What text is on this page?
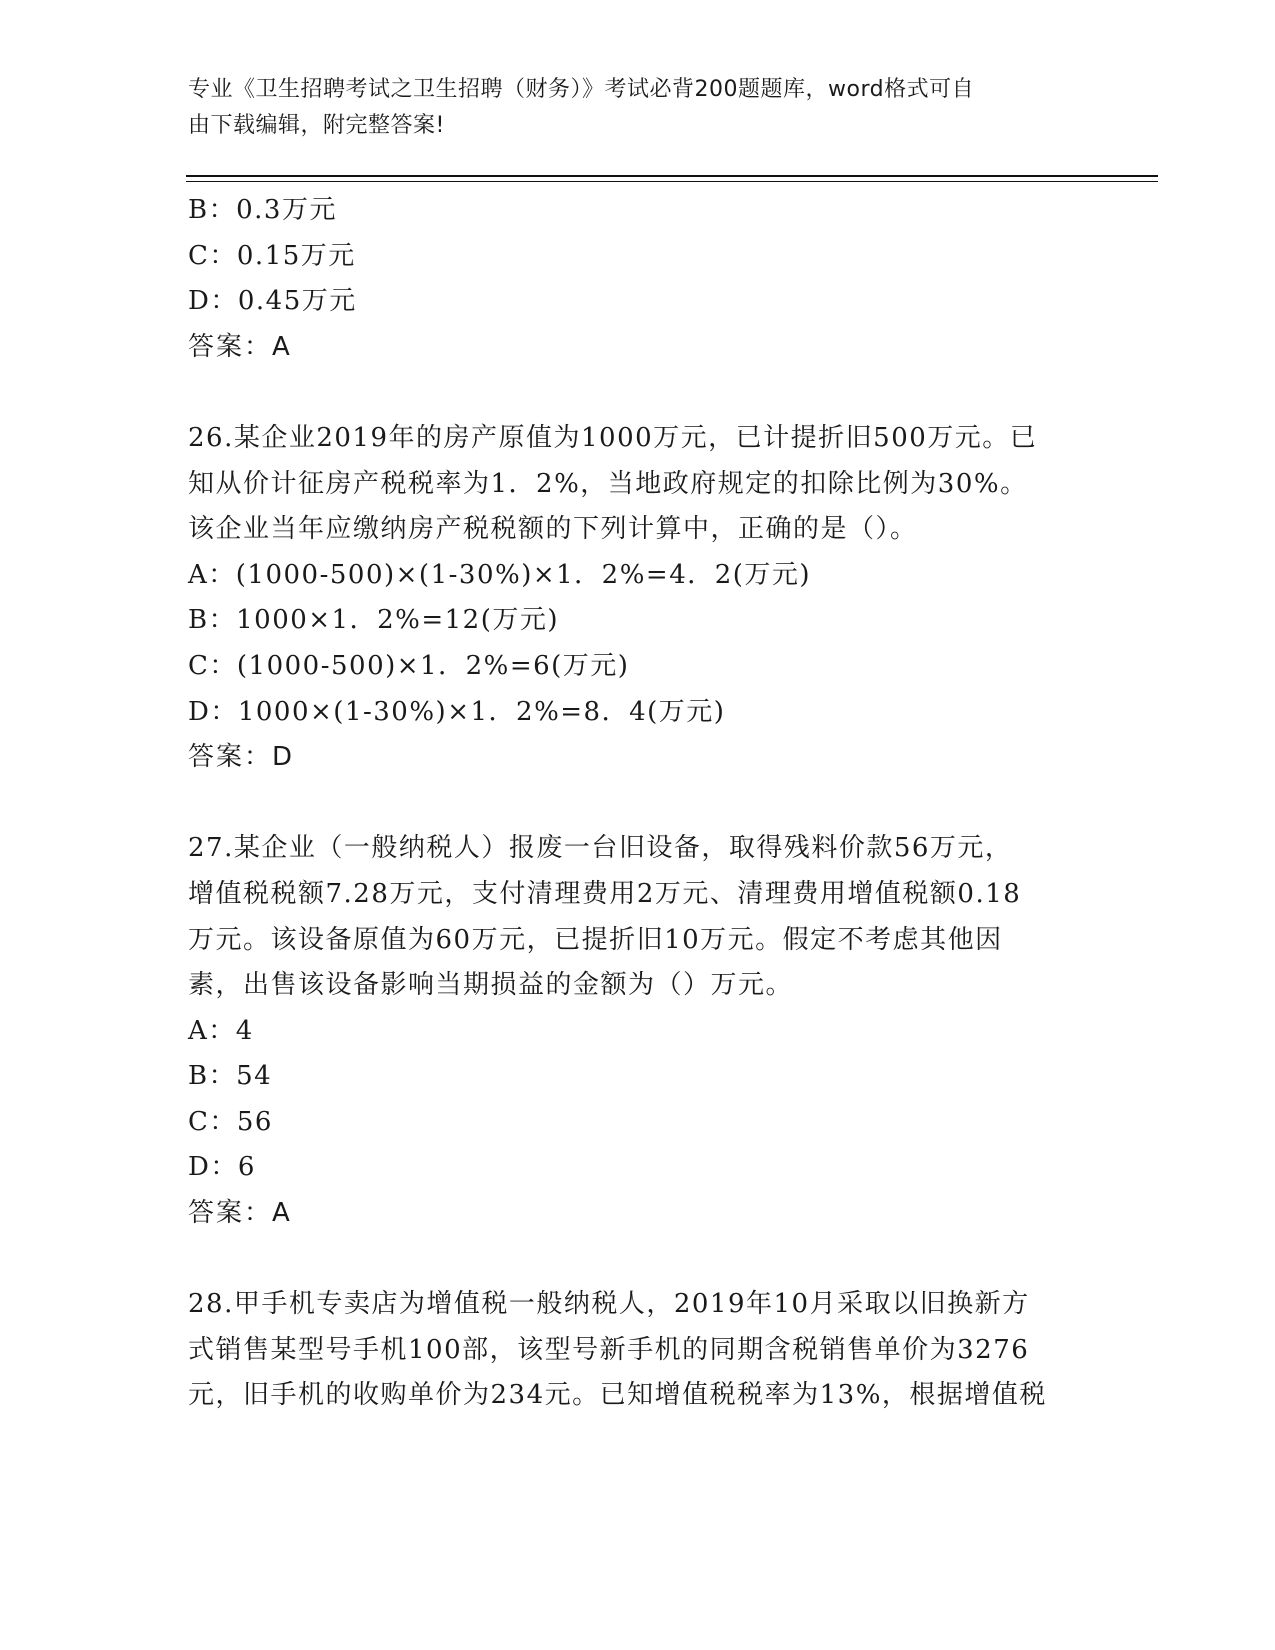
专业《卫生招聘考试之卫生招聘（财务）》考试必背200题题库，word格式可自
由下载编辑，附完整答案!
B：0.3万元
C：0.15万元
D：0.45万元
答案：A
26.某企业2019年的房产原值为1000万元，已计提折旧500万元。已
知从价计征房产税税率为1．2%，当地政府规定的扣除比例为30%。
该企业当年应缴纳房产税税额的下列计算中，正确的是（）。
A：(1000-500)×(1-30%)×1．2%=4．2(万元)
B：1000×1．2%=12(万元)
C：(1000-500)×1．2%=6(万元)
D：1000×(1-30%)×1．2%=8．4(万元)
答案：D
27.某企业（一般纳税人）报废一台旧设备，取得残料价款56万元，
增值税税额7.28万元，支付清理费用2万元、清理费用增值税额0.18
万元。该设备原值为60万元，已提折旧10万元。假定不考虑其他因
素，出售该设备影响当期损益的金额为（）万元。
A：4
B：54
C：56
D：6
答案：A
28.甲手机专卖店为增值税一般纳税人，2019年10月采取以旧换新方
式销售某型号手机100部，该型号新手机的同期含税销售单价为3276
元，旧手机的收购单价为234元。已知增值税税率为13%，根据增值税
